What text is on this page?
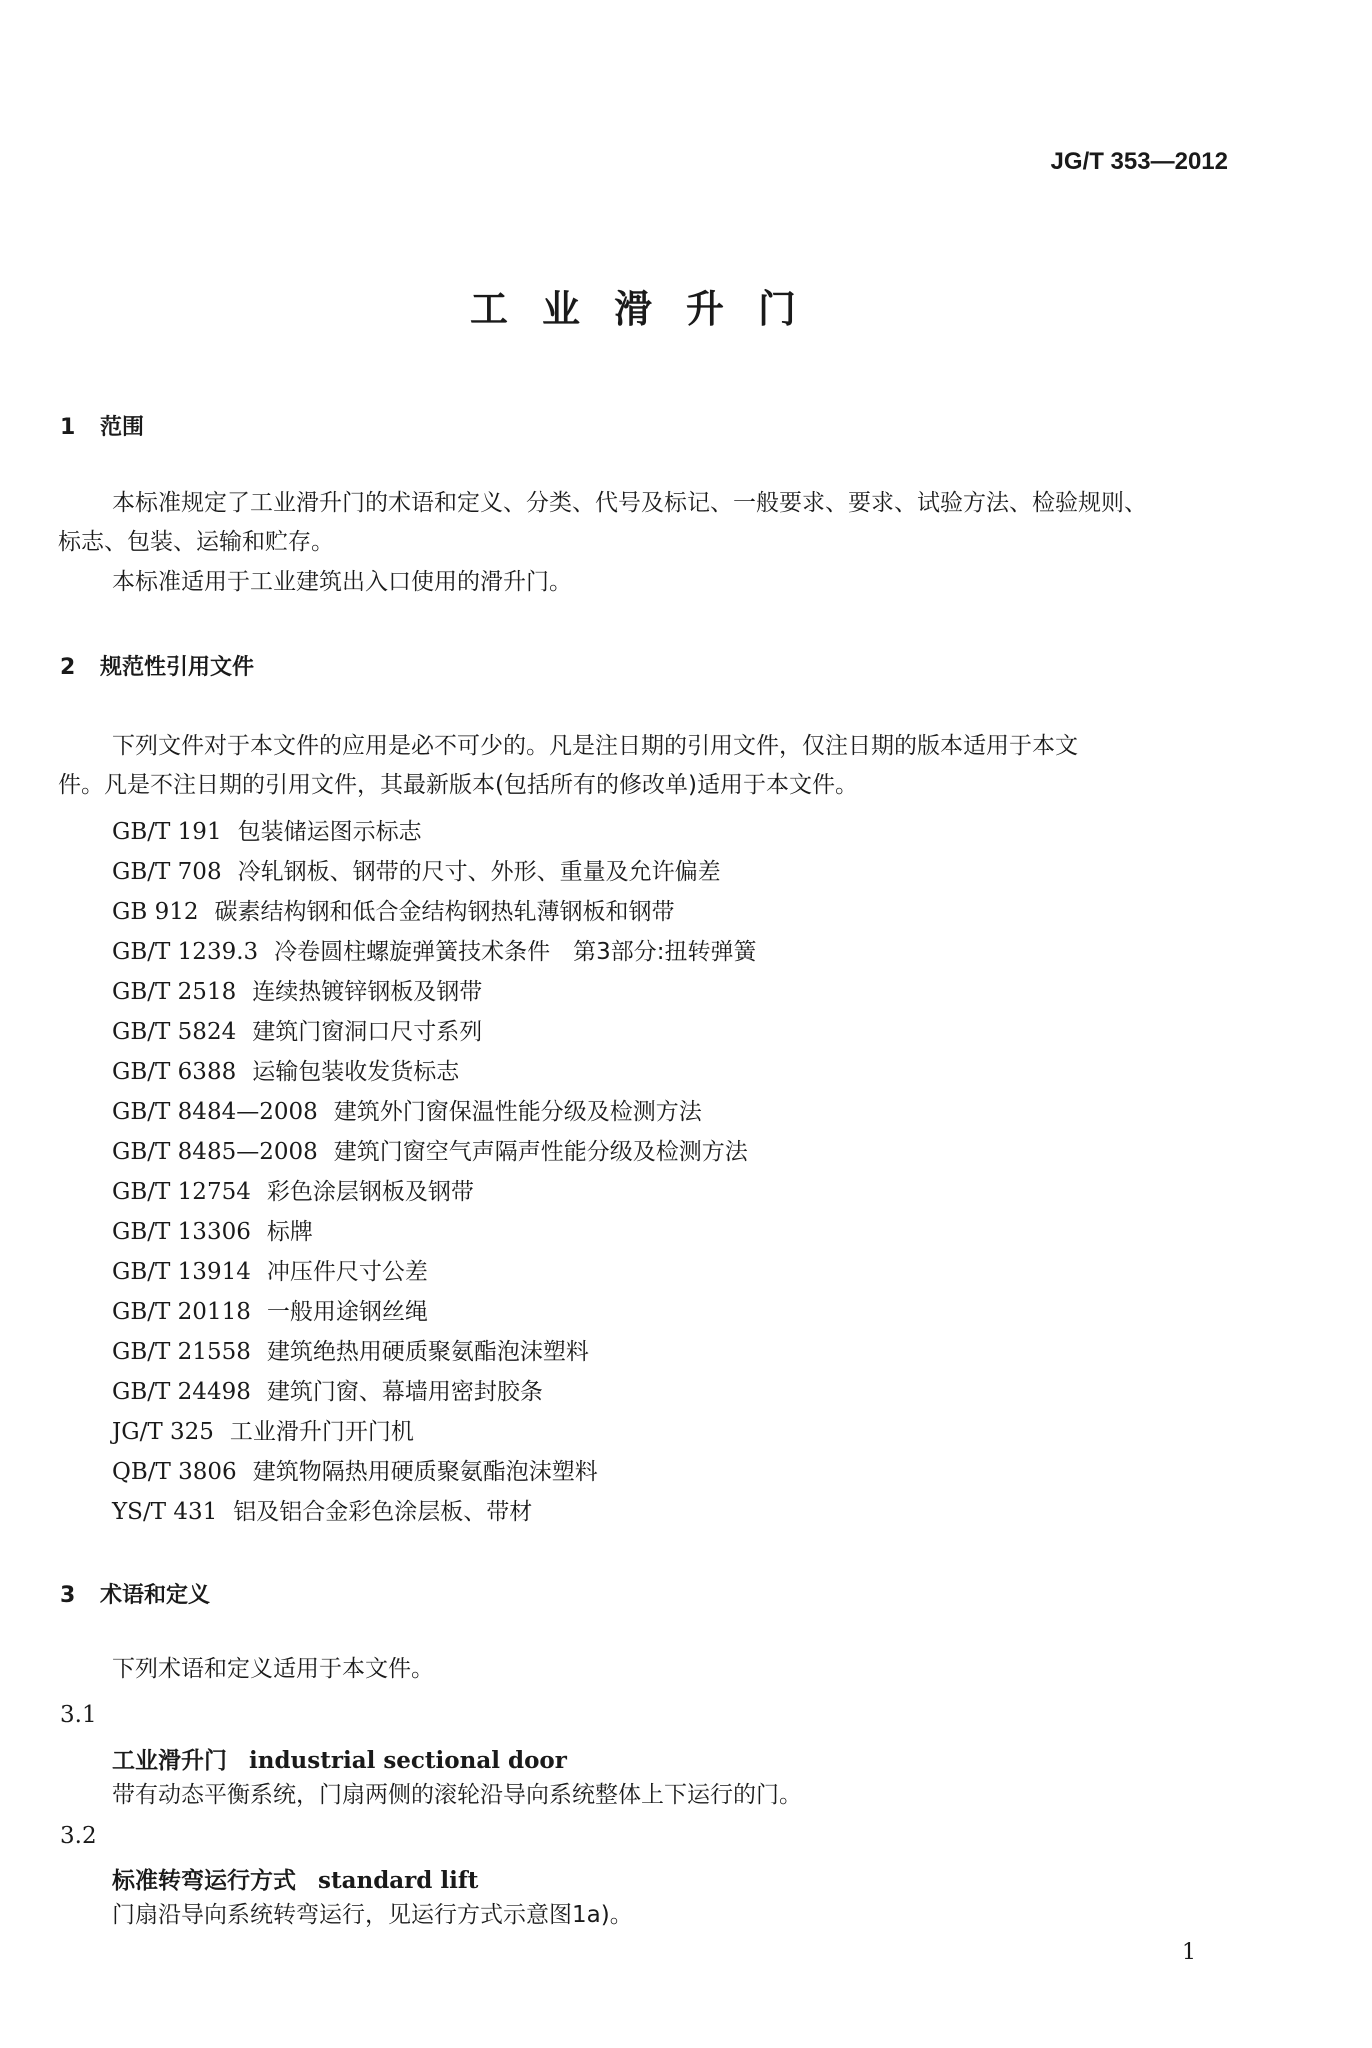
JG/T 353—2012
工业滑升门
1 范围
本标准规定了工业滑升门的术语和定义、分类、代号及标记、一般要求、要求、试验方法、检验规则、
标志、包装、运输和贮存。
本标准适用于工业建筑出入口使用的滑升门。
2 规范性引用文件
下列文件对于本文件的应用是必不可少的。凡是注日期的引用文件，仅注日期的版本适用于本文
件。凡是不注日期的引用文件，其最新版本(包括所有的修改单)适用于本文件。
GB/T 191 包装储运图示标志
GB/T 708 冷轧钢板、钢带的尺寸、外形、重量及允许偏差
GB 912 碳素结构钢和低合金结构钢热轧薄钢板和钢带
GB/T 1239.3 冷卷圆柱螺旋弹簧技术条件　第3部分:扭转弹簧
GB/T 2518 连续热镀锌钢板及钢带
GB/T 5824 建筑门窗洞口尺寸系列
GB/T 6388 运输包装收发货标志
GB/T 8484—2008 建筑外门窗保温性能分级及检测方法
GB/T 8485—2008 建筑门窗空气声隔声性能分级及检测方法
GB/T 12754 彩色涂层钢板及钢带
GB/T 13306 标牌
GB/T 13914 冲压件尺寸公差
GB/T 20118 一般用途钢丝绳
GB/T 21558 建筑绝热用硬质聚氨酯泡沫塑料
GB/T 24498 建筑门窗、幕墙用密封胶条
JG/T 325 工业滑升门开门机
QB/T 3806 建筑物隔热用硬质聚氨酯泡沫塑料
YS/T 431 铝及铝合金彩色涂层板、带材
3 术语和定义
下列术语和定义适用于本文件。
3.1
工业滑升门 industrial sectional door
带有动态平衡系统，门扇两侧的滚轮沿导向系统整体上下运行的门。
3.2
标准转弯运行方式 standard lift
门扇沿导向系统转弯运行，见运行方式示意图1a)。
1
